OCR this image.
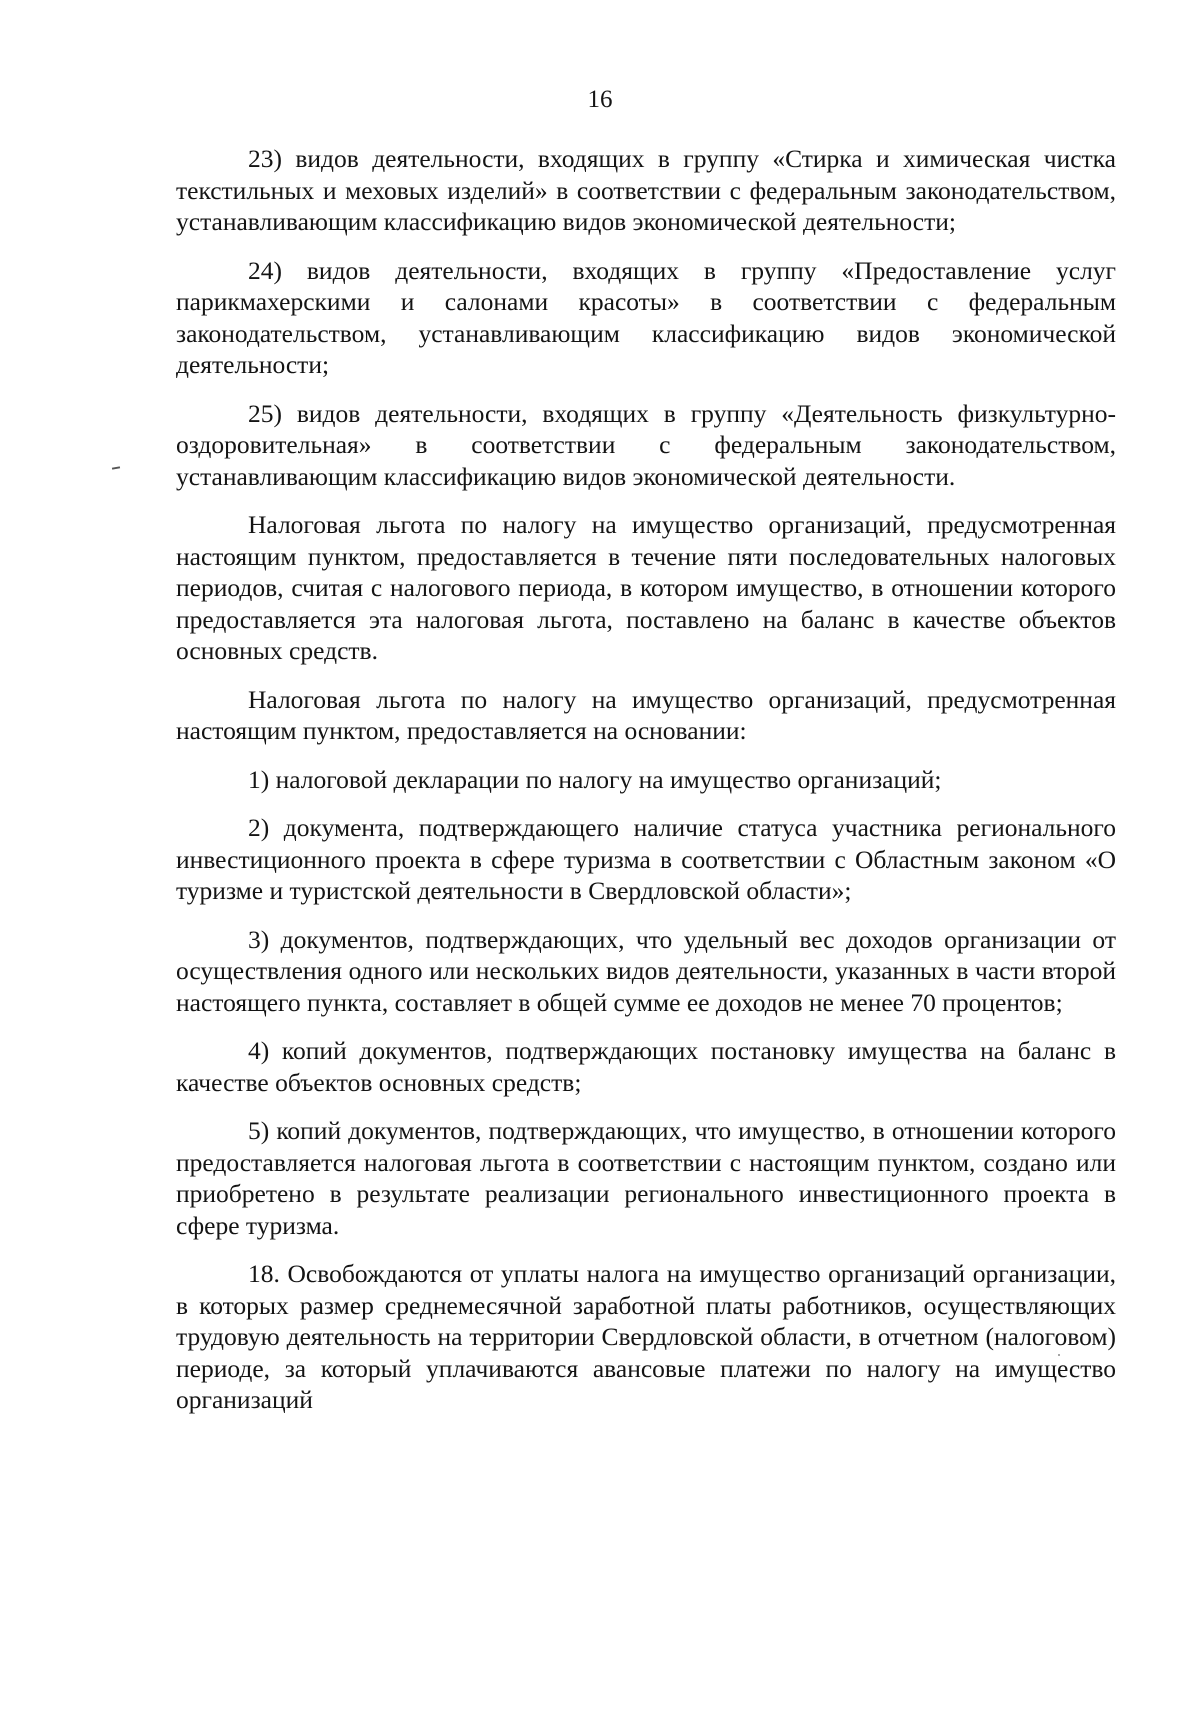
16

23) видов деятельности, входящих в группу «Стирка и химическая чистка текстильных и меховых изделий» в соответствии с федеральным законодательством, устанавливающим классификацию видов экономической деятельности;

24) видов деятельности, входящих в группу «Предоставление услуг парикмахерскими и салонами красоты» в соответствии с федеральным законодательством, устанавливающим классификацию видов экономической деятельности;

25) видов деятельности, входящих в группу «Деятельность физкультурно-оздоровительная» в соответствии с федеральным законодательством, устанавливающим классификацию видов экономической деятельности.

Налоговая льгота по налогу на имущество организаций, предусмотренная настоящим пунктом, предоставляется в течение пяти последовательных налоговых периодов, считая с налогового периода, в котором имущество, в отношении которого предоставляется эта налоговая льгота, поставлено на баланс в качестве объектов основных средств.

Налоговая льгота по налогу на имущество организаций, предусмотренная настоящим пунктом, предоставляется на основании:

1) налоговой декларации по налогу на имущество организаций;

2) документа, подтверждающего наличие статуса участника регионального инвестиционного проекта в сфере туризма в соответствии с Областным законом «О туризме и туристской деятельности в Свердловской области»;

3) документов, подтверждающих, что удельный вес доходов организации от осуществления одного или нескольких видов деятельности, указанных в части второй настоящего пункта, составляет в общей сумме ее доходов не менее 70 процентов;

4) копий документов, подтверждающих постановку имущества на баланс в качестве объектов основных средств;

5) копий документов, подтверждающих, что имущество, в отношении которого предоставляется налоговая льгота в соответствии с настоящим пунктом, создано или приобретено в результате реализации регионального инвестиционного проекта в сфере туризма.

18. Освобождаются от уплаты налога на имущество организаций организации, в которых размер среднемесячной заработной платы работников, осуществляющих трудовую деятельность на территории Свердловской области, в отчетном (налоговом) периоде, за который уплачиваются авансовые платежи по налогу на имущество организаций
